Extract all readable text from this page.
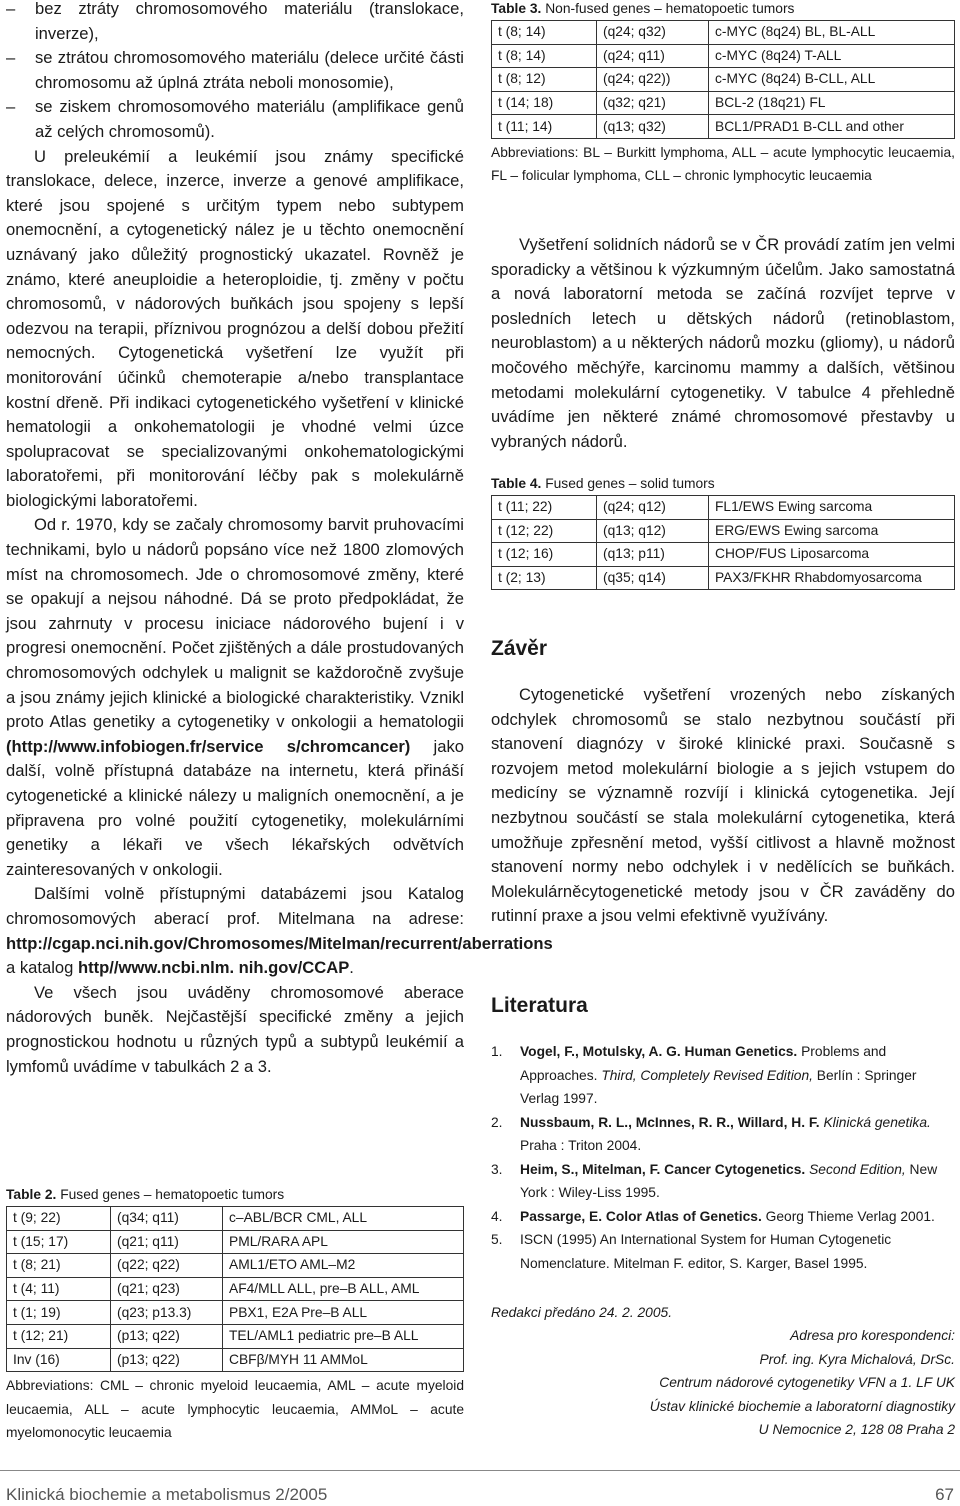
– bez ztráty chromosomového materiálu (translokace, inverze),
– se ztrátou chromosomového materiálu (delece určité části chromosomu až úplná ztráta neboli monosomie),
– se ziskem chromosomového materiálu (amplifikace genů až celých chromosomů).

U preleukémií a leukémií jsou známy specifické translokace, delece, inzerce, inverze a genové amplifikace, které jsou spojené s určitým typem nebo subtypem onemocnění, a cytogenetický nález je u těchto onemocnění uznávaný jako důležitý prognostický ukazatel. Rovněž je známo, které aneuploidie a heteroploidie, tj. změny v počtu chromosomů, v nádorových buňkách jsou spojeny s lepší odezvou na terapii, příznivou prognózou a delší dobou přežití nemocných. Cytogenetická vyšetření lze využít při monitorování účinků chemoterapie a/nebo transplantace kostní dřeně. Při indikaci cytogenetického vyšetření v klinické hematologii a onkohematologii je vhodné velmi úzce spolupracovat se specializovanými onkohematologickými laboratořemi, při monitorování léčby pak s molekulárně biologickými laboratořemi.

Od r. 1970, kdy se začaly chromosomy barvit pruhovacími technikami, bylo u nádorů popsáno více než 1800 zlomových míst na chromosomech. Jde o chromosomové změny, které se opakují a nejsou náhodné. Dá se proto předpokládat, že jsou zahrnuty v procesu iniciace nádorového bujení i v progresi onemocnění. Počet zjištěných a dále prostudovaných chromosomových odchylek u malignit se každoročně zvyšuje a jsou známy jejich klinické a biologické charakteristiky. Vznikl proto Atlas genetiky a cytogenetiky v onkologii a hematologii (http://www.infobiogen.fr/service s/chromcancer) jako další, volně přístupná databáze na internetu, která přináší cytogenetické a klinické nálezy u maligních onemocnění, a je připravena pro volné použití cytogenetiky, molekulárními genetiky a lékaři ve všech lékařských odvětvích zainteresovaných v onkologii.

Dalšími volně přístupnými databázemi jsou Katalog chromosomových aberací prof. Mitelmana na adrese: http://cgap.nci.nih.gov/Chromosomes/Mitelman/recurrent/aberrations a katalog http//www.ncbi.nlm. nih.gov/CCAP.

Ve všech jsou uváděny chromosomové aberace nádorových buněk. Nejčastější specifické změny a jejich prognostickou hodnotu u různých typů a subtypů leukémií a lymfomů uvádíme v tabulkách 2 a 3.

Table 2. Fused genes – hematopoetic tumors
t (9; 22)	(q34; q11)	c–ABL/BCR CML, ALL
t (15; 17)	(q21; q11)	PML/RARA APL
t (8; 21)	(q22; q22)	AML1/ETO AML–M2
t (4; 11)	(q21; q23)	AF4/MLL ALL, pre–B ALL, AML
t (1; 19)	(q23; p13.3)	PBX1, E2A Pre–B ALL
t (12; 21)	(p13; q22)	TEL/AML1 pediatric pre–B ALL
Inv (16)	(p13; q22)	CBFβ/MYH 11 AMMoL
Abbreviations: CML – chronic myeloid leucaemia, AML – acute myeloid leucaemia, ALL – acute lymphocytic leucaemia, AMMoL – acute myelomonocytic leucaemia
Table 3. Non-fused genes – hematopoetic tumors
t (8; 14)	(q24; q32)	c-MYC (8q24) BL, BL-ALL
t (8; 14)	(q24; q11)	c-MYC (8q24) T-ALL
t (8; 12)	(q24; q22))	c-MYC (8q24) B-CLL, ALL
t (14; 18)	(q32; q21)	BCL-2 (18q21) FL
t (11; 14)	(q13; q32)	BCL1/PRAD1 B-CLL and other
Abbreviations: BL – Burkitt lymphoma, ALL – acute lymphocytic leucaemia, FL – folicular lymphoma, CLL – chronic lymphocytic leucaemia

Vyšetření solidních nádorů se v ČR provádí zatím jen velmi sporadicky a většinou k výzkumným účelům. Jako samostatná a nová laboratorní metoda se začíná rozvíjet teprve v posledních letech u dětských nádorů (retinoblastom, neuroblastom) a u některých nádorů mozku (gliomy), u nádorů močového měchýře, karcinomu mammy a dalších, většinou metodami molekulární cytogenetiky. V tabulce 4 přehledně uvádíme jen některé známé chromosomové přestavby u vybraných nádorů.

Table 4. Fused genes – solid tumors
t (11; 22)	(q24; q12)	FL1/EWS Ewing sarcoma
t (12; 22)	(q13; q12)	ERG/EWS Ewing sarcoma
t (12; 16)	(q13; p11)	CHOP/FUS Liposarcoma
t (2; 13)	(q35; q14)	PAX3/FKHR Rhabdomyosarcoma
Závěr

Cytogenetické vyšetření vrozených nebo získaných odchylek chromosomů se stalo nezbytnou součástí při stanovení diagnózy v široké klinické praxi. Současně s rozvojem metod molekulární biologie a s jejich vstupem do medicíny se významně rozvíjí i klinická cytogenetika. Její nezbytnou součástí se stala molekulární cytogenetika, která umožňuje zpřesnění metod, vyšší citlivost a hlavně možnost stanovení normy nebo odchylek i v nedělících se buňkách. Molekulárněcytogenetické metody jsou v ČR zaváděny do rutinní praxe a jsou velmi efektivně využívány.

Literatura
1. Vogel, F., Motulsky, A. G. Human Genetics. Problems and Approaches. Third, Completely Revised Edition, Berlín : Springer Verlag 1997.
2. Nussbaum, R. L., McInnes, R. R., Willard, H. F. Klinická genetika. Praha : Triton 2004.
3. Heim, S., Mitelman, F. Cancer Cytogenetics. Second Edition, New York : Wiley-Liss 1995.
4. Passarge, E. Color Atlas of Genetics. Georg Thieme Verlag 2001.
5. ISCN (1995) An International System for Human Cytogenetic Nomenclature. Mitelman F. editor, S. Karger, Basel 1995.
Redakci předáno 24. 2. 2005.
Adresa pro korespondenci:
Prof. ing. Kyra Michalová, DrSc.
Centrum nádorové cytogenetiky VFN a 1. LF UK
Ústav klinické biochemie a laboratorní diagnostiky
U Nemocnice 2, 128 08 Praha 2
Klinická biochemie a metabolismus 2/2005	67
